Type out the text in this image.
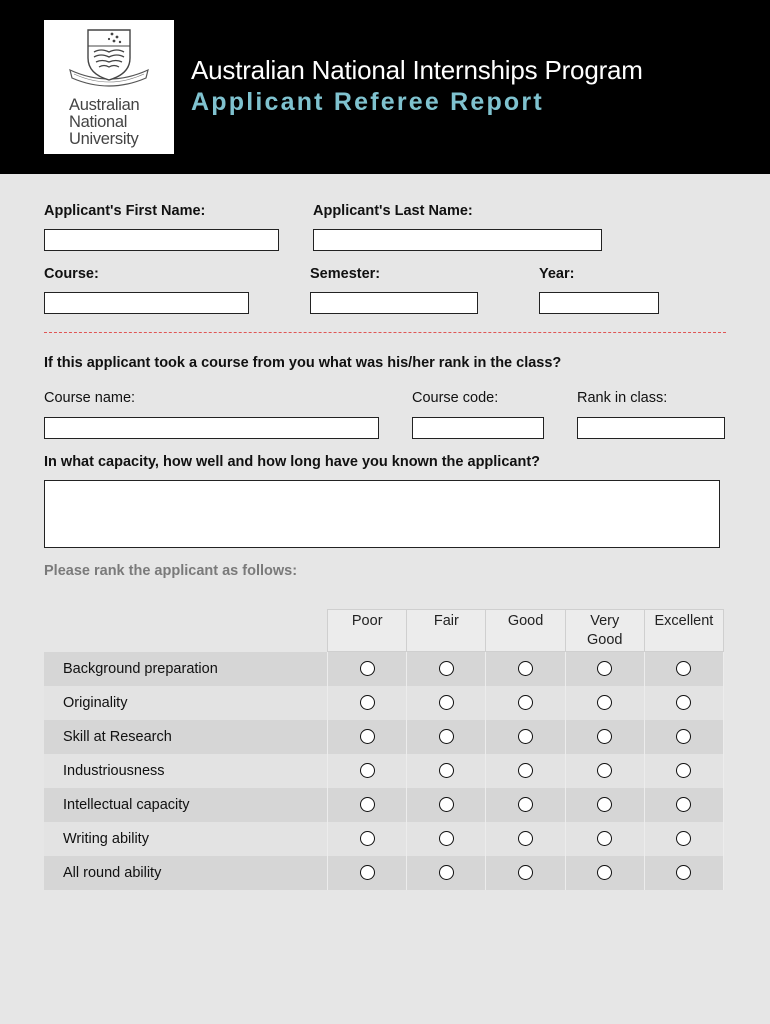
Australian
National
University
Australian National Internships Program
Applicant Referee Report
Applicant's First Name:	Applicant's Last Name:
Course:	Semester:	Year:
If this applicant took a course from you what was his/her rank in the class?
Course name:	Course code:	Rank in class:
In what capacity, how well and how long have you known the applicant?
Please rank the applicant as follows:
	Poor	Fair	Good	Very Good	Excellent
Background preparation					
Originality					
Skill at Research					
Industriousness					
Intellectual capacity					
Writing ability					
All round ability					
